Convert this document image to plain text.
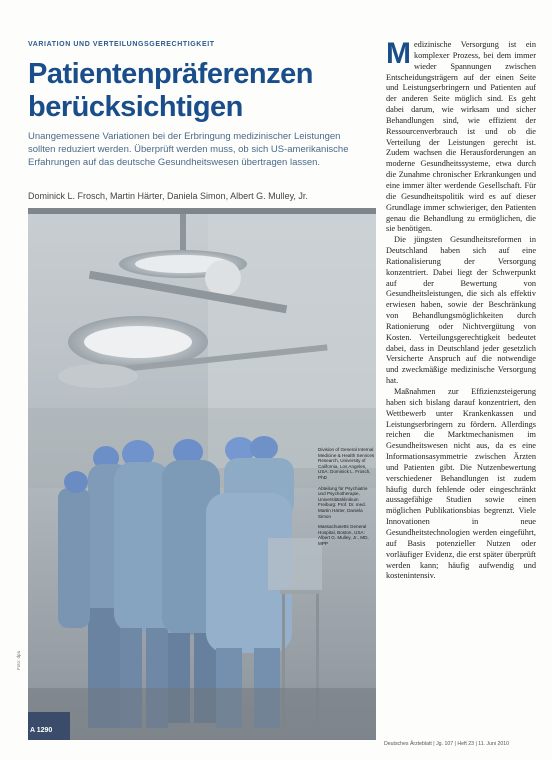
VARIATION UND VERTEILUNGSGERECHTIGKEIT
Patientenpräferenzen
berücksichtigen

Unangemessene Variationen bei der Erbringung medizinischer Leistungen sollten reduziert werden. Überprüft werden muss, ob sich US-amerikanische Erfahrungen auf das deutsche Gesundheitswesen übertragen lassen.

Dominick L. Frosch, Martin Härter, Daniela Simon, Albert G. Mulley, Jr.

Division of General Internal Medicine & Health Services Research, University of California, Los Angeles, USA: Dominick L. Frosch, PhD

Abteilung für Psychiatrie und Psychotherapie, Universitätsklinikum Freiburg: Prof. Dr. med. Martin Härter, Daniela Simon

Massachusetts General Hospital, Boston, USA: Albert G. Mulley, Jr., MD, MPP

A 1290
Foto: dpa

Medizinische Versorgung ist ein komplexer Prozess, bei dem immer wieder Spannungen zwischen Entscheidungsträgern auf der einen Seite und Leistungserbringern und Patienten auf der anderen Seite möglich sind. Es geht dabei darum, wie wirksam und sicher Behandlungen sind, wie effizient der Ressourcenverbrauch ist und ob die Verteilung der Leistungen gerecht ist. Zudem wachsen die Herausforderungen an moderne Gesundheitssysteme, etwa durch die Zunahme chronischer Erkrankungen und eine immer älter werdende Gesellschaft. Für die Gesundheitspolitik wird es auf dieser Grundlage immer schwieriger, den Patienten genau die Behandlung zu ermöglichen, die sie benötigen.

Die jüngsten Gesundheitsreformen in Deutschland haben sich auf eine Rationalisierung der Versorgung konzentriert. Dabei liegt der Schwerpunkt auf der Bewertung von Gesundheitsleistungen, die sich als effektiv erwiesen haben, sowie der Beschränkung von Behandlungsmöglichkeiten durch Rationierung oder Nichtvergütung von Kosten. Verteilungsgerechtigkeit bedeutet dabei, dass in Deutschland jeder gesetzlich Versicherte Anspruch auf die notwendige und zweckmäßige medizinische Versorgung hat.

Maßnahmen zur Effizienzsteigerung haben sich bislang darauf konzentriert, den Wettbewerb unter Krankenkassen und Leistungserbringern zu fördern. Allerdings reichen die Marktmechanismen im Gesundheitswesen nicht aus, da es eine Informationsasymmetrie zwischen Ärzten und Patienten gibt. Die Nutzenbewertung verschiedener Behandlungen ist zudem häufig durch fehlende oder eingeschränkt aussagefähige Studien sowie einen möglichen Publikationsbias begrenzt. Viele Innovationen in neue Gesundheitstechnologien werden eingeführt, auf Basis potenzieller Nutzen oder vorläufiger Evidenz, die erst später überprüft werden kann; häufig aufwendig und kostenintensiv.

Deutsches Ärzteblatt | Jg. 107 | Heft 23 | 11. Juni 2010
